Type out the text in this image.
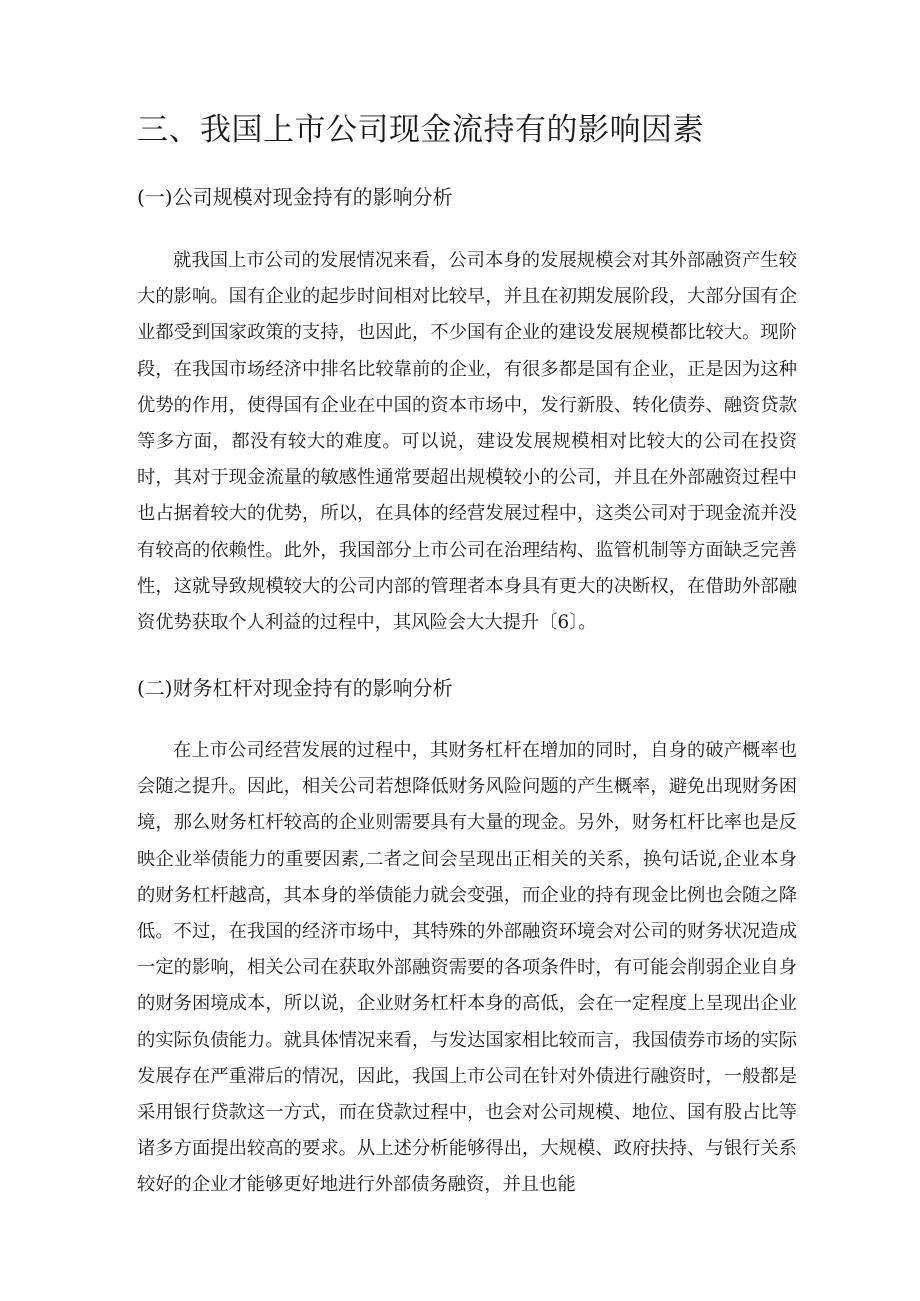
三、我国上市公司现金流持有的影响因素
(一)公司规模对现金持有的影响分析

就我国上市公司的发展情况来看，公司本身的发展规模会对其外部融资产生较大的影响。国有企业的起步时间相对比较早，并且在初期发展阶段，大部分国有企业都受到国家政策的支持，也因此，不少国有企业的建设发展规模都比较大。现阶段，在我国市场经济中排名比较靠前的企业，有很多都是国有企业，正是因为这种优势的作用，使得国有企业在中国的资本市场中，发行新股、转化债券、融资贷款等多方面，都没有较大的难度。可以说，建设发展规模相对比较大的公司在投资时，其对于现金流量的敏感性通常要超出规模较小的公司，并且在外部融资过程中也占据着较大的优势，所以，在具体的经营发展过程中，这类公司对于现金流并没有较高的依赖性。此外，我国部分上市公司在治理结构、监管机制等方面缺乏完善性，这就导致规模较大的公司内部的管理者本身具有更大的决断权，在借助外部融资优势获取个人利益的过程中，其风险会大大提升〔6〕。

(二)财务杠杆对现金持有的影响分析

在上市公司经营发展的过程中，其财务杠杆在增加的同时，自身的破产概率也会随之提升。因此，相关公司若想降低财务风险问题的产生概率，避免出现财务困境，那么财务杠杆较高的企业则需要具有大量的现金。另外，财务杠杆比率也是反映企业举债能力的重要因素,二者之间会呈现出正相关的关系，换句话说,企业本身的财务杠杆越高，其本身的举债能力就会变强，而企业的持有现金比例也会随之降低。不过，在我国的经济市场中，其特殊的外部融资环境会对公司的财务状况造成一定的影响，相关公司在获取外部融资需要的各项条件时，有可能会削弱企业自身的财务困境成本，所以说，企业财务杠杆本身的高低，会在一定程度上呈现出企业的实际负债能力。就具体情况来看，与发达国家相比较而言，我国债券市场的实际发展存在严重滞后的情况，因此，我国上市公司在针对外债进行融资时，一般都是采用银行贷款这一方式，而在贷款过程中，也会对公司规模、地位、国有股占比等诸多方面提出较高的要求。从上述分析能够得出，大规模、政府扶持、与银行关系较好的企业才能够更好地进行外部债务融资，并且也能
